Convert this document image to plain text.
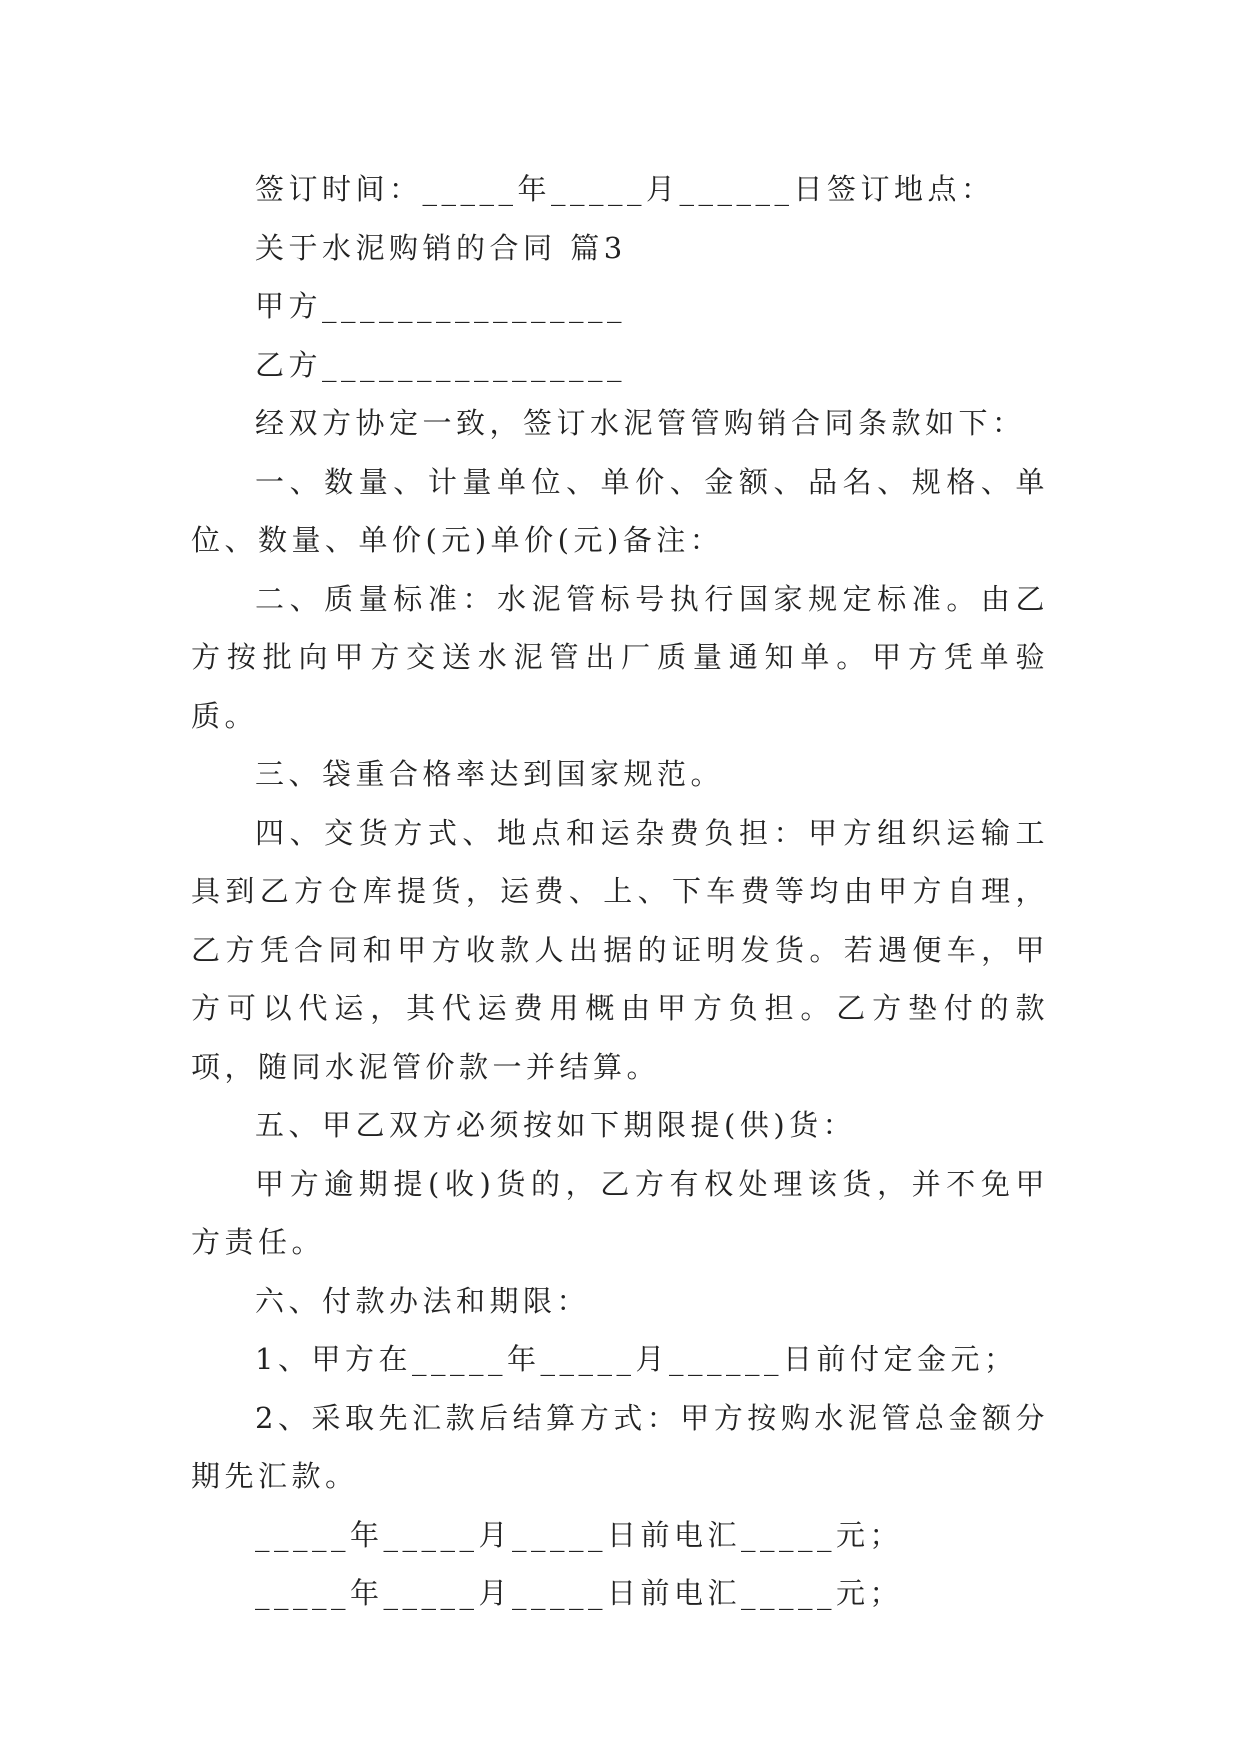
签订时间：_____年_____月______日签订地点：

关于水泥购销的合同 篇3

甲方________________

乙方________________

经双方协定一致，签订水泥管管购销合同条款如下：

一、数量、计量单位、单价、金额、品名、规格、单位、数量、单价(元)单价(元)备注：

二、质量标准：水泥管标号执行国家规定标准。由乙方按批向甲方交送水泥管出厂质量通知单。甲方凭单验质。

三、袋重合格率达到国家规范。

四、交货方式、地点和运杂费负担：甲方组织运输工具到乙方仓库提货，运费、上、下车费等均由甲方自理，乙方凭合同和甲方收款人出据的证明发货。若遇便车，甲方可以代运，其代运费用概由甲方负担。乙方垫付的款项，随同水泥管价款一并结算。

五、甲乙双方必须按如下期限提(供)货：

甲方逾期提(收)货的，乙方有权处理该货，并不免甲方责任。

六、付款办法和期限：

1、甲方在_____年_____月______日前付定金元；

2、采取先汇款后结算方式：甲方按购水泥管总金额分期先汇款。

_____年_____月_____日前电汇_____元；

_____年_____月_____日前电汇_____元；
